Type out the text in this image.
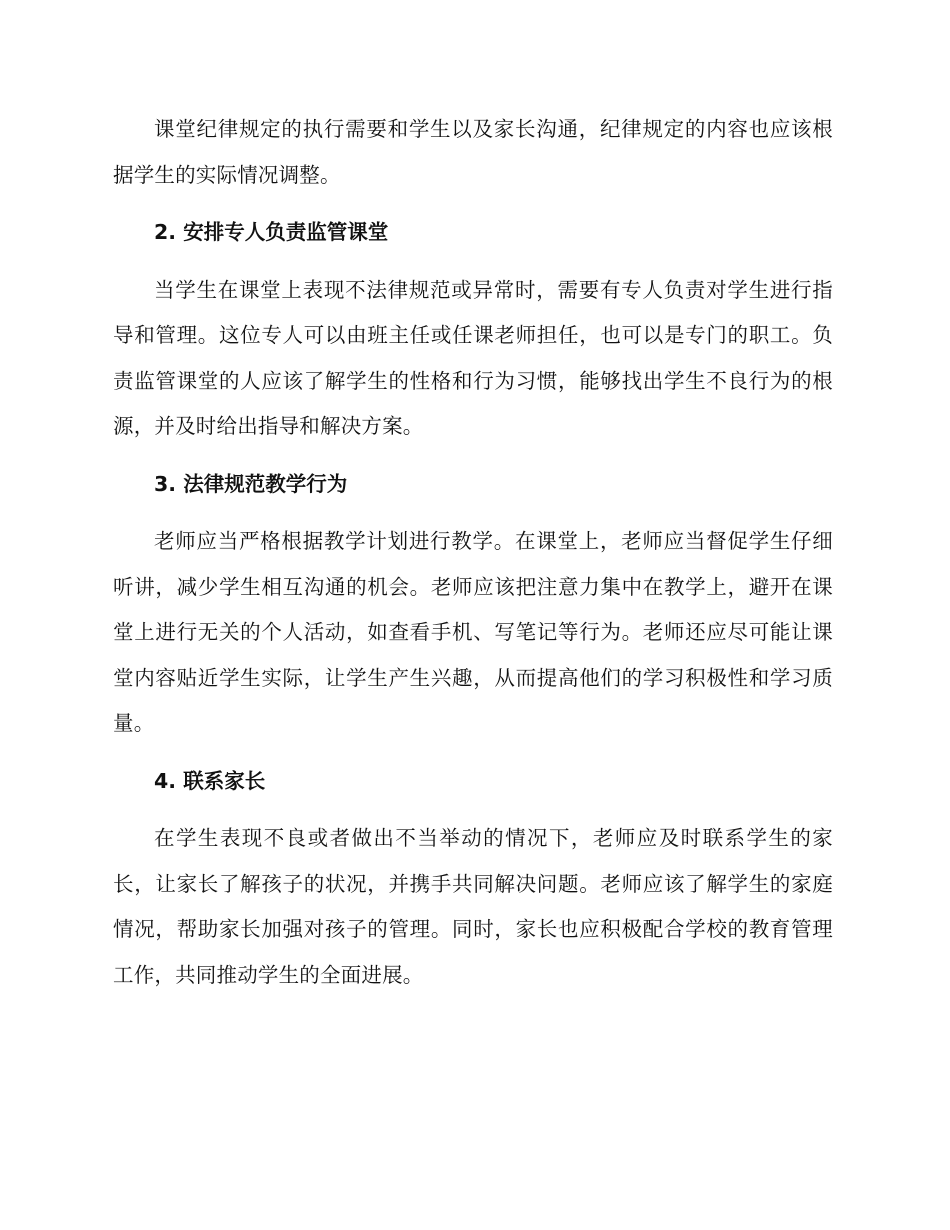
课堂纪律规定的执行需要和学生以及家长沟通，纪律规定的内容也应该根据学生的实际情况调整。

2. 安排专人负责监管课堂

当学生在课堂上表现不法律规范或异常时，需要有专人负责对学生进行指导和管理。这位专人可以由班主任或任课老师担任，也可以是专门的职工。负责监管课堂的人应该了解学生的性格和行为习惯，能够找出学生不良行为的根源，并及时给出指导和解决方案。

3. 法律规范教学行为

老师应当严格根据教学计划进行教学。在课堂上，老师应当督促学生仔细听讲，减少学生相互沟通的机会。老师应该把注意力集中在教学上，避开在课堂上进行无关的个人活动，如查看手机、写笔记等行为。老师还应尽可能让课堂内容贴近学生实际，让学生产生兴趣，从而提高他们的学习积极性和学习质量。

4. 联系家长

在学生表现不良或者做出不当举动的情况下，老师应及时联系学生的家长，让家长了解孩子的状况，并携手共同解决问题。老师应该了解学生的家庭情况，帮助家长加强对孩子的管理。同时，家长也应积极配合学校的教育管理工作，共同推动学生的全面进展。
